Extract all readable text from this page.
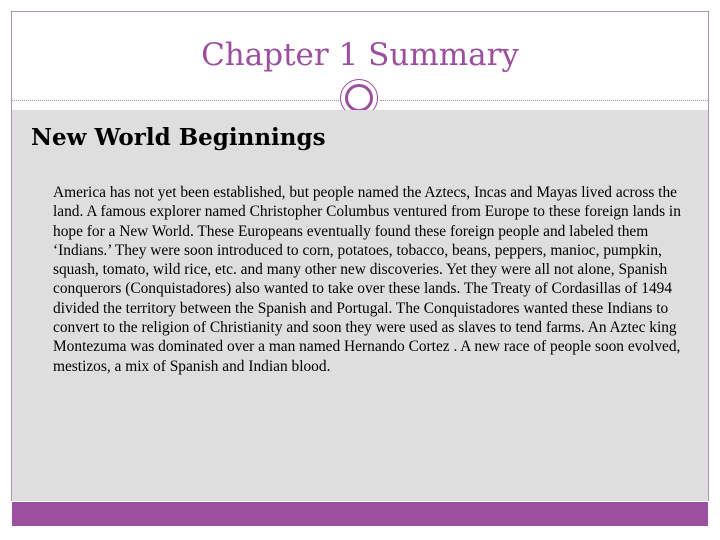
Chapter 1 Summary
New World Beginnings

America has not yet been established, but people named the Aztecs, Incas and Mayas lived across the land. A famous explorer named Christopher Columbus ventured from Europe to these foreign lands in hope for a New World. These Europeans eventually found these foreign people and labeled them ‘Indians.’ They were soon introduced to corn, potatoes, tobacco, beans, peppers, manioc, pumpkin, squash, tomato, wild rice, etc. and many other new discoveries. Yet they were all not alone, Spanish conquerors (Conquistadores) also wanted to take over these lands. The Treaty of Cordasillas of 1494 divided the territory between the Spanish and Portugal. The Conquistadores wanted these Indians to convert to the religion of Christianity and soon they were used as slaves to tend farms. An Aztec king Montezuma was dominated over a man named Hernando Cortez . A new race of people soon evolved, mestizos, a mix of Spanish and Indian blood.
